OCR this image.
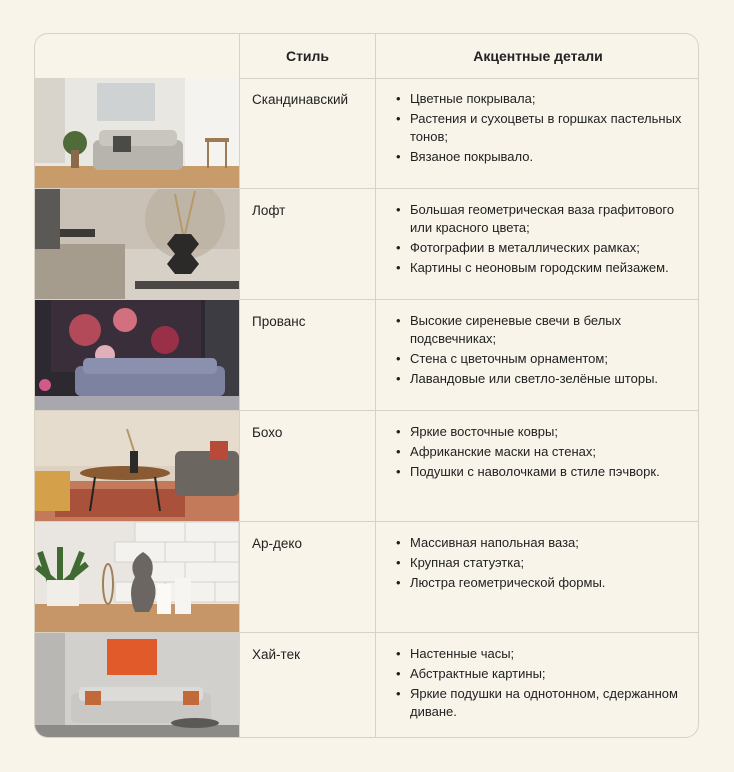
Стиль	Акцентные детали
Скандинавский	• Цветные покрывала;
• Растения и сухоцветы в горшках пастельных тонов;
• Вязаное покрывало.
Лофт	• Большая геометрическая ваза графитового или красного цвета;
• Фотографии в металлических рамках;
• Картины с неоновым городским пейзажем.
Прованс	• Высокие сиреневые свечи в белых подсвечниках;
• Стена с цветочным орнаментом;
• Лавандовые или светло-зелёные шторы.
Бохо	• Яркие восточные ковры;
• Африканские маски на стенах;
• Подушки с наволочками в стиле пэчворк.
Ар-деко	• Массивная напольная ваза;
• Крупная статуэтка;
• Люстра геометрической формы.
Хай-тек	• Настенные часы;
• Абстрактные картины;
• Яркие подушки на однотонном, сдержанном диване.
